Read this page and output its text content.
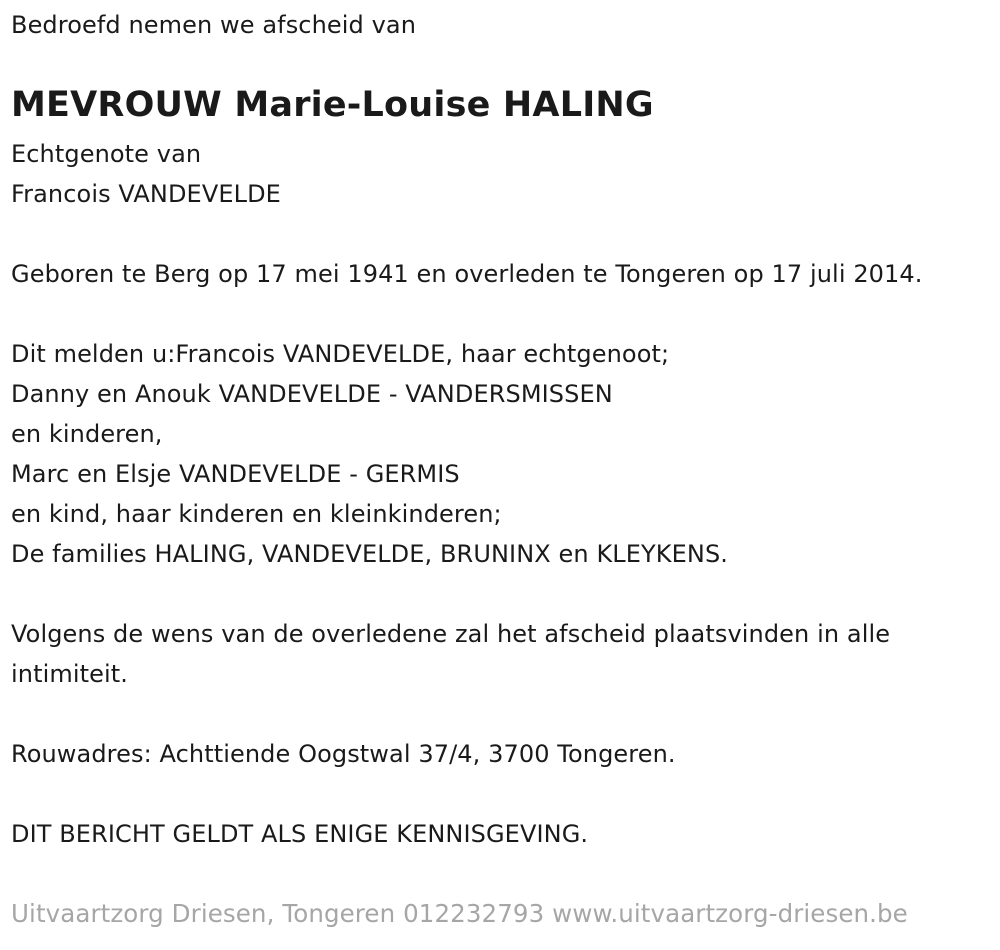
Bedroefd nemen we afscheid van
MEVROUW Marie-Louise HALING
Echtgenote van
Francois VANDEVELDE
Geboren te Berg op 17 mei 1941 en overleden te Tongeren op 17 juli 2014.
Dit melden u:Francois VANDEVELDE, haar echtgenoot;
Danny en Anouk VANDEVELDE - VANDERSMISSEN
en kinderen,
Marc en Elsje VANDEVELDE - GERMIS
en kind, haar kinderen en kleinkinderen;
De families HALING, VANDEVELDE, BRUNINX en KLEYKENS.
Volgens de wens van de overledene zal het afscheid plaatsvinden in alle
intimiteit.
Rouwadres: Achttiende Oogstwal 37/4, 3700 Tongeren.
DIT BERICHT GELDT ALS ENIGE KENNISGEVING.
Uitvaartzorg Driesen, Tongeren 012232793 www.uitvaartzorg-driesen.be
